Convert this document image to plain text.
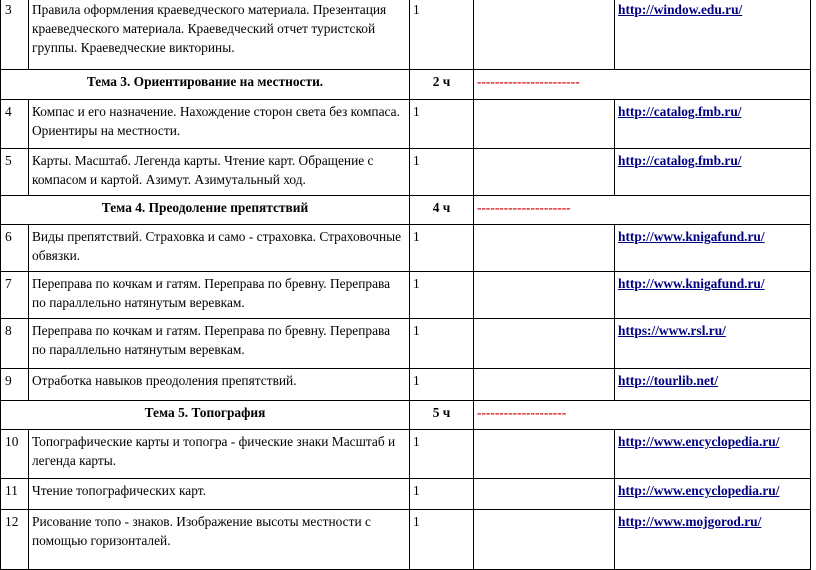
3	Правила оформления краеведческого материала. Презентация краеведческого материала. Краеведческий отчет туристской группы. Краеведческие викторины.	1		http://window.edu.ru/
Тема 3. Ориентирование на местности.		2 ч	-----------------------	
4	Компас и его назначение. Нахождение сторон света без компаса. Ориентиры на местности.	1		http://catalog.fmb.ru/
5	Карты. Масштаб. Легенда карты. Чтение карт. Обращение с компасом и картой. Азимут. Азимутальный ход.	1		http://catalog.fmb.ru/
Тема 4. Преодоление препятствий		4 ч	---------------------	
6	Виды препятствий. Страховка и само - страховка. Страховочные обвязки.	1		http://www.knigafund.ru/
7	Переправа по кочкам и гатям. Переправа по бревну. Переправа по параллельно натянутым веревкам.	1		http://www.knigafund.ru/
8	Переправа по кочкам и гатям. Переправа по бревну. Переправа по параллельно натянутым веревкам.	1		https://www.rsl.ru/
9	Отработка навыков преодоления препятствий.	1		http://tourlib.net/
Тема 5. Топография		5 ч	--------------------	
10	Топографические карты и топогра - фические знаки Масштаб и легенда карты.	1		http://www.encyclopedia.ru/
11	Чтение топографических карт.	1		http://www.encyclopedia.ru/
12	Рисование топо - знаков. Изображение высоты местности с помощью горизонталей.	1		http://www.mojgorod.ru/
